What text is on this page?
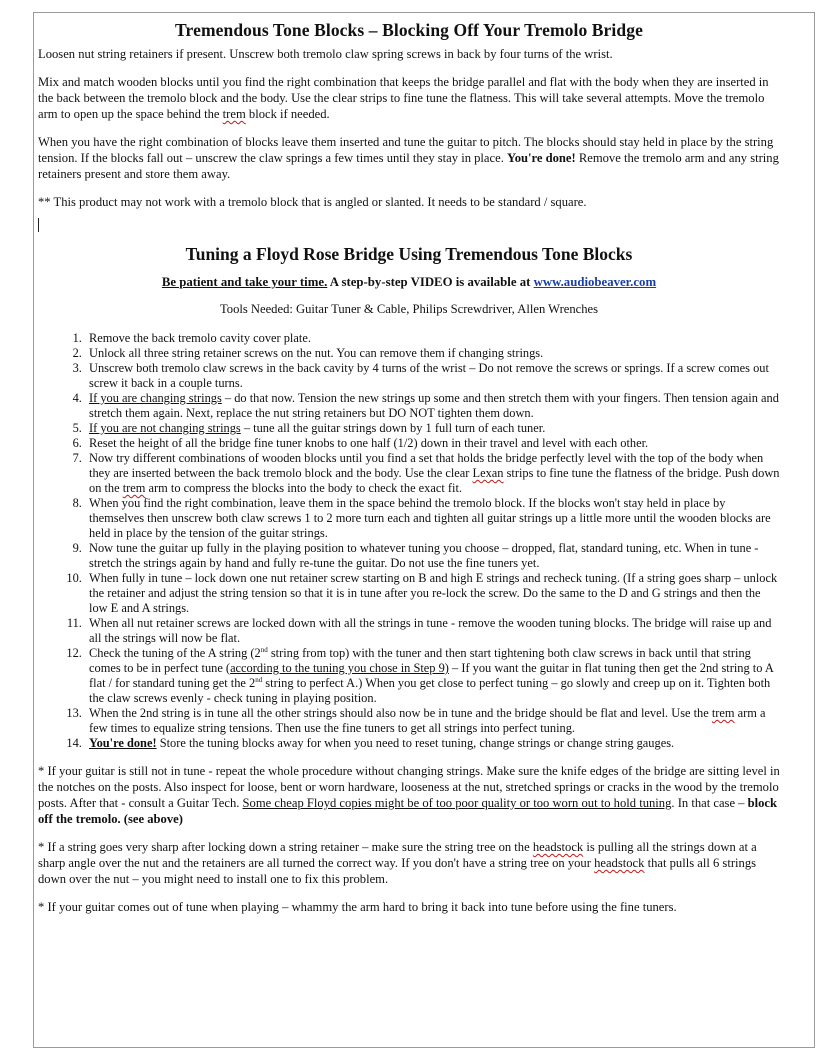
Tremendous Tone Blocks – Blocking Off Your Tremolo Bridge

Loosen nut string retainers if present. Unscrew both tremolo claw spring screws in back by four turns of the wrist.

Mix and match wooden blocks until you find the right combination that keeps the bridge parallel and flat with the body when they are inserted in the back between the tremolo block and the body. Use the clear strips to fine tune the flatness. This will take several attempts. Move the tremolo arm to open up the space behind the trem block if needed.

When you have the right combination of blocks leave them inserted and tune the guitar to pitch. The blocks should stay held in place by the string tension. If the blocks fall out – unscrew the claw springs a few times until they stay in place. You're done! Remove the tremolo arm and any string retainers present and store them away.

** This product may not work with a tremolo block that is angled or slanted. It needs to be standard / square.

Tuning a Floyd Rose Bridge Using Tremendous Tone Blocks
Be patient and take your time. A step-by-step VIDEO is available at www.audiobeaver.com
Tools Needed: Guitar Tuner & Cable, Philips Screwdriver, Allen Wrenches
1. Remove the back tremolo cavity cover plate.
2. Unlock all three string retainer screws on the nut. You can remove them if changing strings.
3. Unscrew both tremolo claw screws in the back cavity by 4 turns of the wrist – Do not remove the screws or springs. If a screw comes out screw it back in a couple turns.
4. If you are changing strings – do that now. Tension the new strings up some and then stretch them with your fingers. Then tension again and stretch them again. Next, replace the nut string retainers but DO NOT tighten them down.
5. If you are not changing strings – tune all the guitar strings down by 1 full turn of each tuner.
6. Reset the height of all the bridge fine tuner knobs to one half (1/2) down in their travel and level with each other.
7. Now try different combinations of wooden blocks until you find a set that holds the bridge perfectly level with the top of the body when they are inserted between the back tremolo block and the body. Use the clear Lexan strips to fine tune the flatness of the bridge. Push down on the trem arm to compress the blocks into the body to check the exact fit.
8. When you find the right combination, leave them in the space behind the tremolo block. If the blocks won't stay held in place by themselves then unscrew both claw screws 1 to 2 more turn each and tighten all guitar strings up a little more until the wooden blocks are held in place by the tension of the guitar strings.
9. Now tune the guitar up fully in the playing position to whatever tuning you choose – dropped, flat, standard tuning, etc. When in tune - stretch the strings again by hand and fully re-tune the guitar. Do not use the fine tuners yet.
10. When fully in tune – lock down one nut retainer screw starting on B and high E strings and recheck tuning. (If a string goes sharp – unlock the retainer and adjust the string tension so that it is in tune after you re-lock the screw. Do the same to the D and G strings and then the low E and A strings.
11. When all nut retainer screws are locked down with all the strings in tune - remove the wooden tuning blocks. The bridge will raise up and all the strings will now be flat.
12. Check the tuning of the A string (2nd string from top) with the tuner and then start tightening both claw screws in back until that string comes to be in perfect tune (according to the tuning you chose in Step 9) – If you want the guitar in flat tuning then get the 2nd string to A flat / for standard tuning get the 2nd string to perfect A.) When you get close to perfect tuning – go slowly and creep up on it. Tighten both the claw screws evenly - check tuning in playing position.
13. When the 2nd string is in tune all the other strings should also now be in tune and the bridge should be flat and level. Use the trem arm a few times to equalize string tensions. Then use the fine tuners to get all strings into perfect tuning.
14. You're done! Store the tuning blocks away for when you need to reset tuning, change strings or change string gauges.

* If your guitar is still not in tune - repeat the whole procedure without changing strings. Make sure the knife edges of the bridge are sitting level in the notches on the posts. Also inspect for loose, bent or worn hardware, looseness at the nut, stretched springs or cracks in the wood by the tremolo posts. After that - consult a Guitar Tech. Some cheap Floyd copies might be of too poor quality or too worn out to hold tuning. In that case – block off the tremolo. (see above)

* If a string goes very sharp after locking down a string retainer – make sure the string tree on the headstock is pulling all the strings down at a sharp angle over the nut and the retainers are all turned the correct way. If you don't have a string tree on your headstock that pulls all 6 strings down over the nut – you might need to install one to fix this problem.

* If your guitar comes out of tune when playing – whammy the arm hard to bring it back into tune before using the fine tuners.
